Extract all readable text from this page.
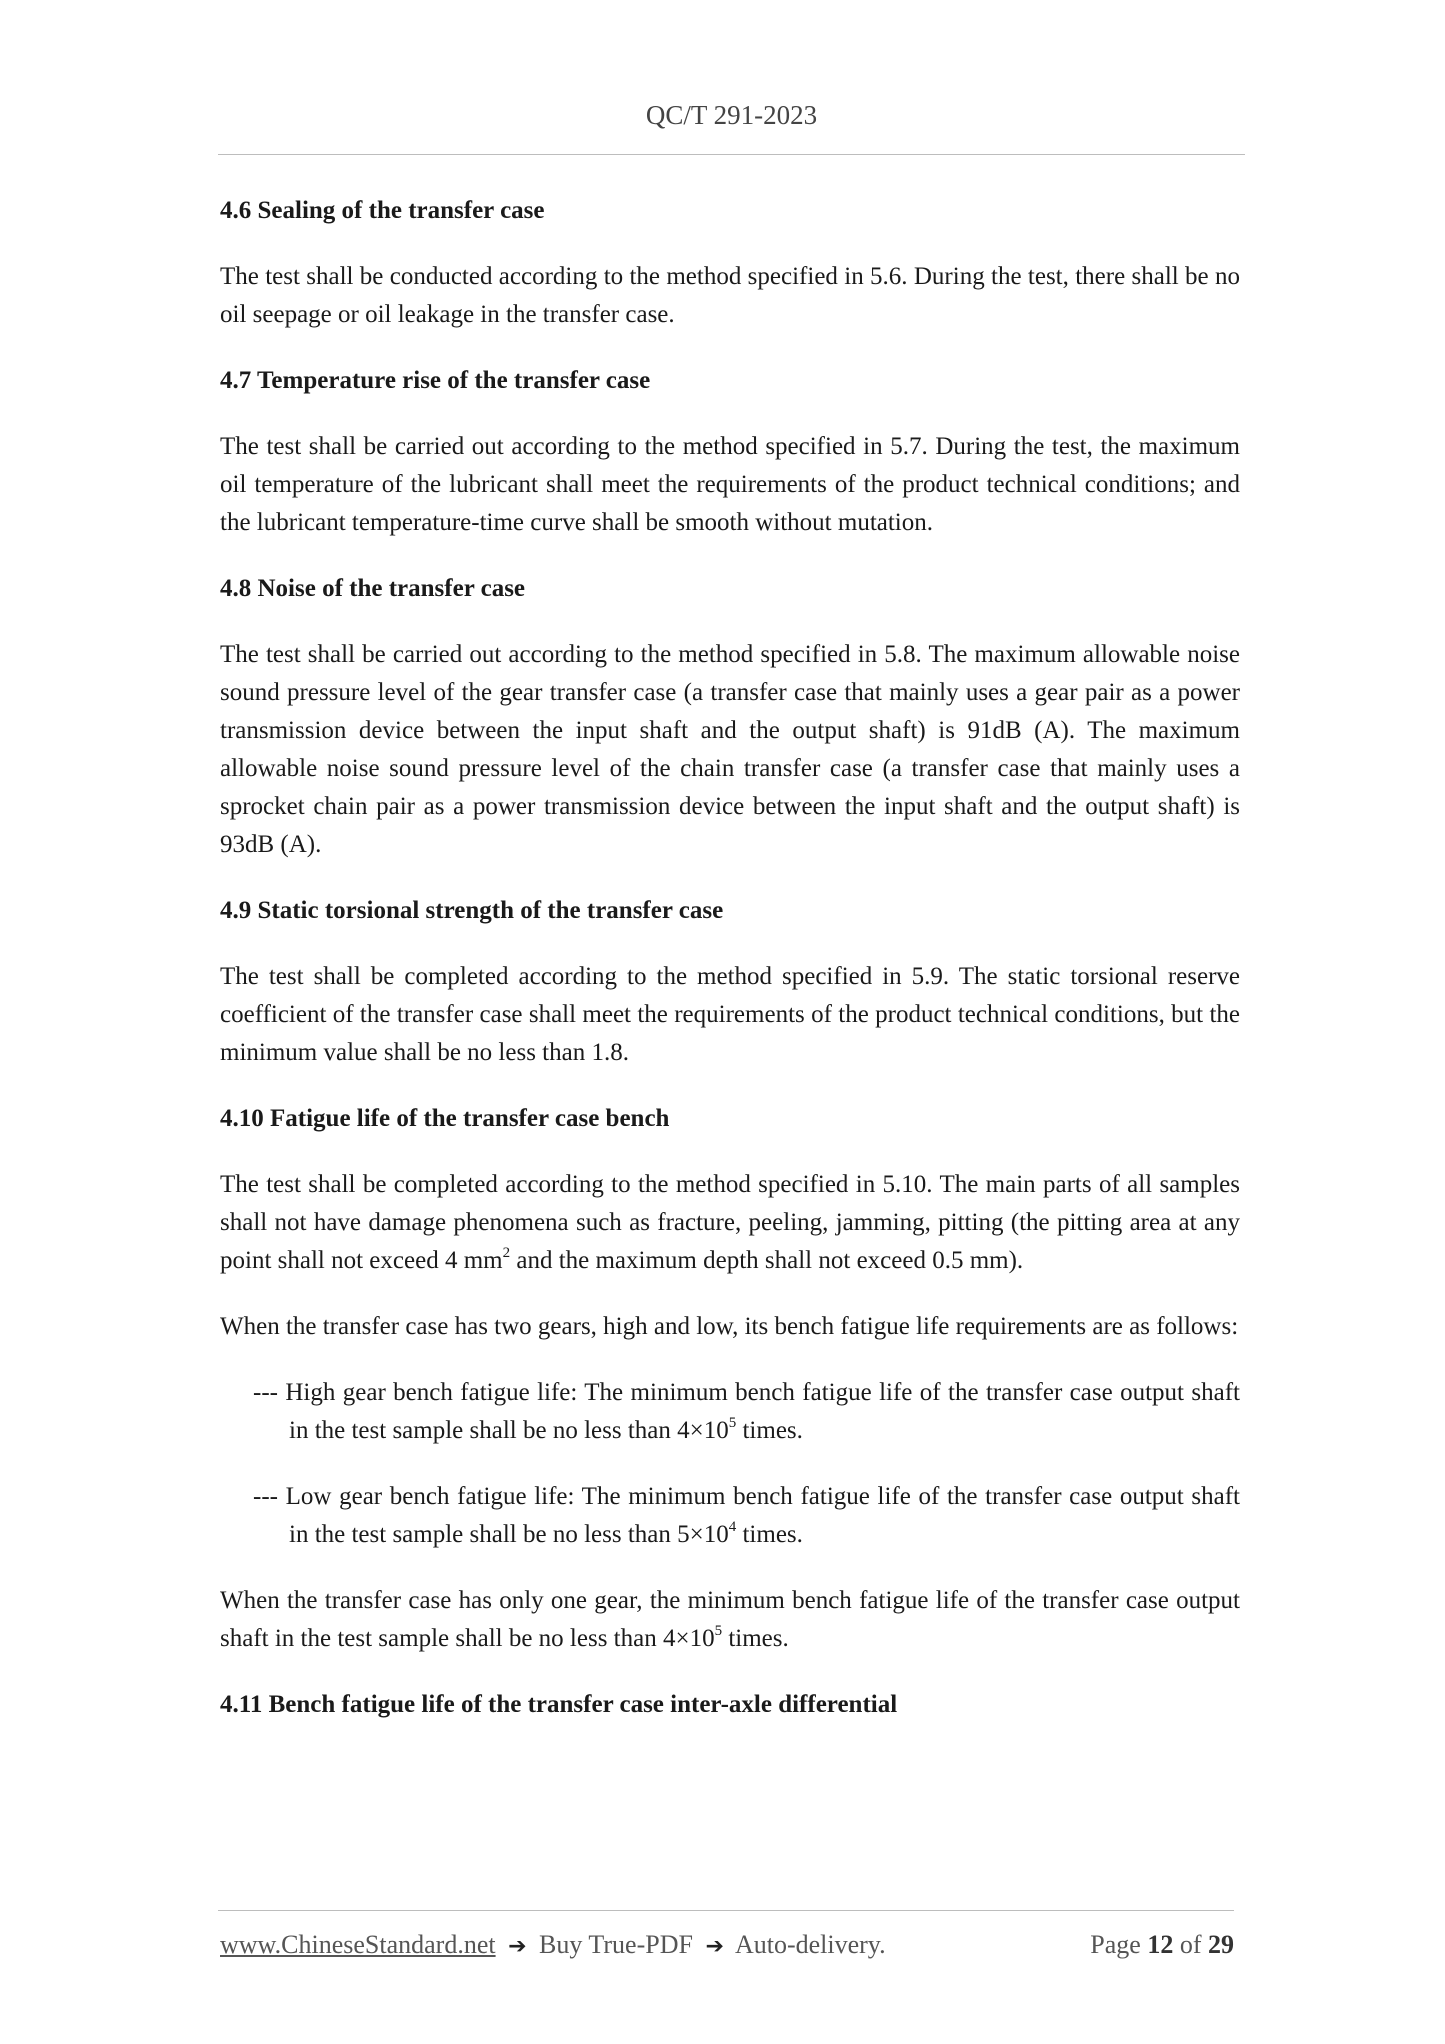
QC/T 291-2023
4.6 Sealing of the transfer case

The test shall be conducted according to the method specified in 5.6. During the test, there shall be no oil seepage or oil leakage in the transfer case.

4.7 Temperature rise of the transfer case

The test shall be carried out according to the method specified in 5.7. During the test, the maximum oil temperature of the lubricant shall meet the requirements of the product technical conditions; and the lubricant temperature-time curve shall be smooth without mutation.

4.8 Noise of the transfer case

The test shall be carried out according to the method specified in 5.8. The maximum allowable noise sound pressure level of the gear transfer case (a transfer case that mainly uses a gear pair as a power transmission device between the input shaft and the output shaft) is 91dB (A). The maximum allowable noise sound pressure level of the chain transfer case (a transfer case that mainly uses a sprocket chain pair as a power transmission device between the input shaft and the output shaft) is 93dB (A).

4.9 Static torsional strength of the transfer case

The test shall be completed according to the method specified in 5.9. The static torsional reserve coefficient of the transfer case shall meet the requirements of the product technical conditions, but the minimum value shall be no less than 1.8.

4.10 Fatigue life of the transfer case bench

The test shall be completed according to the method specified in 5.10. The main parts of all samples shall not have damage phenomena such as fracture, peeling, jamming, pitting (the pitting area at any point shall not exceed 4 $mm^2$ and the maximum depth shall not exceed 0.5 mm).

When the transfer case has two gears, high and low, its bench fatigue life requirements are as follows:

--- High gear bench fatigue life: The minimum bench fatigue life of the transfer case output shaft in the test sample shall be no less than $4\times 10^5$ times.

--- Low gear bench fatigue life: The minimum bench fatigue life of the transfer case output shaft in the test sample shall be no less than $5\times 10^4$ times.

When the transfer case has only one gear, the minimum bench fatigue life of the transfer case output shaft in the test sample shall be no less than $4\times 10^5$ times.

4.11 Bench fatigue life of the transfer case inter-axle differential
www.ChineseStandard.net ➔ Buy True-PDF ➔ Auto-delivery.	Page 12 of 29
